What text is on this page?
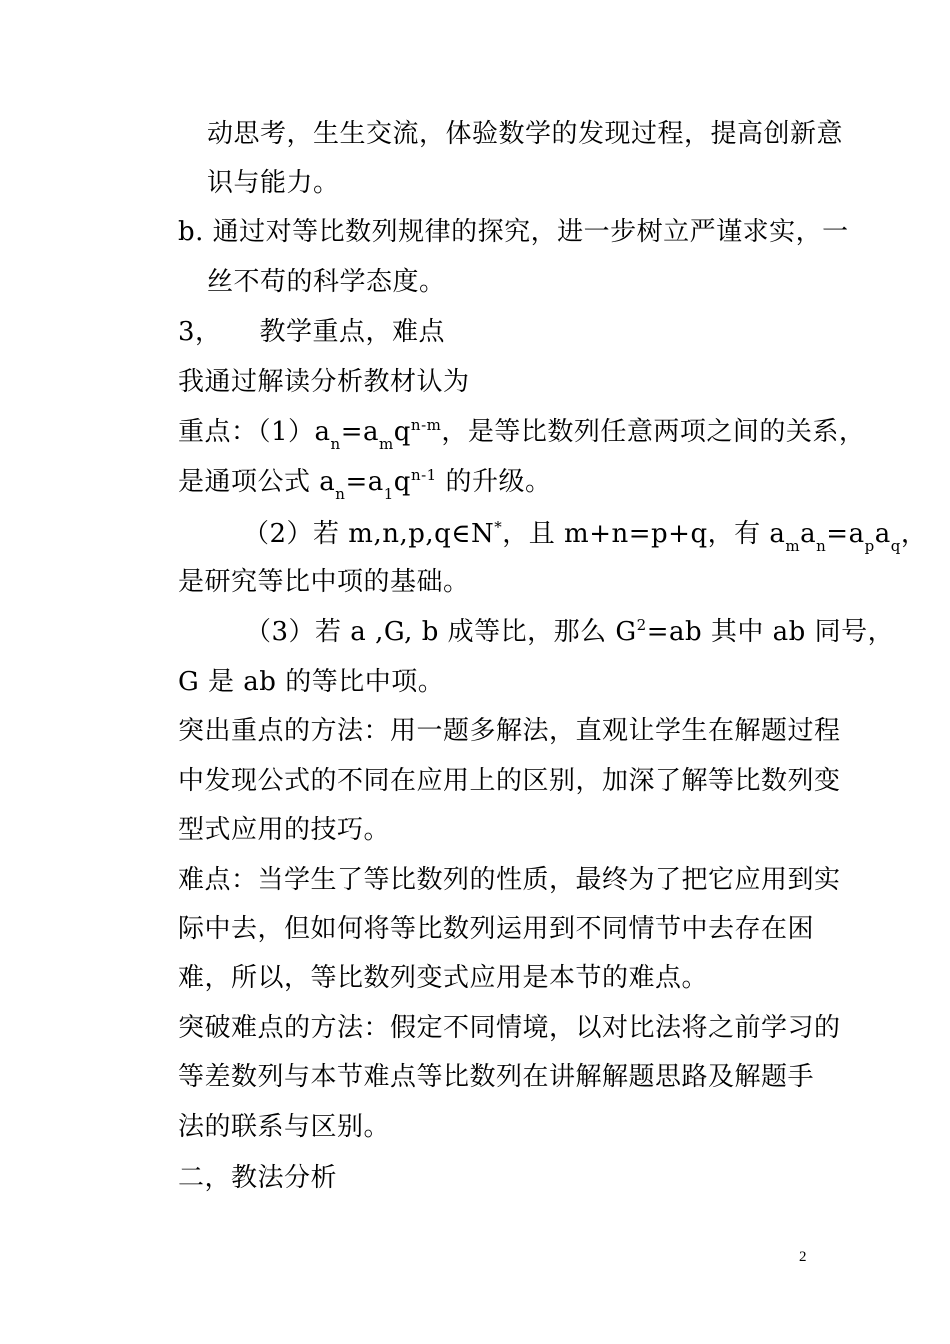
动思考，生生交流，体验数学的发现过程，提高创新意
识与能力。
b. 通过对等比数列规律的探究，进一步树立严谨求实，一
丝不苟的科学态度。
3， 教学重点，难点
我通过解读分析教材认为
重点：$(1)a_n=a_mq^{n-m}$，是等比数列任意两项之间的关系，
是通项公式 $a_n=a_1q^{n-1}$ 的升级。
（2）若 m,n,p,q∈N*，且 m+n=p+q，有 $a_ma_n=a_pa_q$，
是研究等比中项的基础。
（3）若 a ,G, b 成等比，那么 $G^2=ab$ 其中 ab 同号，
G 是 ab 的等比中项。
突出重点的方法：用一题多解法，直观让学生在解题过程
中发现公式的不同在应用上的区别，加深了解等比数列变
型式应用的技巧。
难点：当学生了等比数列的性质，最终为了把它应用到实
际中去，但如何将等比数列运用到不同情节中去存在困
难，所以，等比数列变式应用是本节的难点。
突破难点的方法：假定不同情境，以对比法将之前学习的
等差数列与本节难点等比数列在讲解解题思路及解题手
法的联系与区别。
二，教法分析
2
